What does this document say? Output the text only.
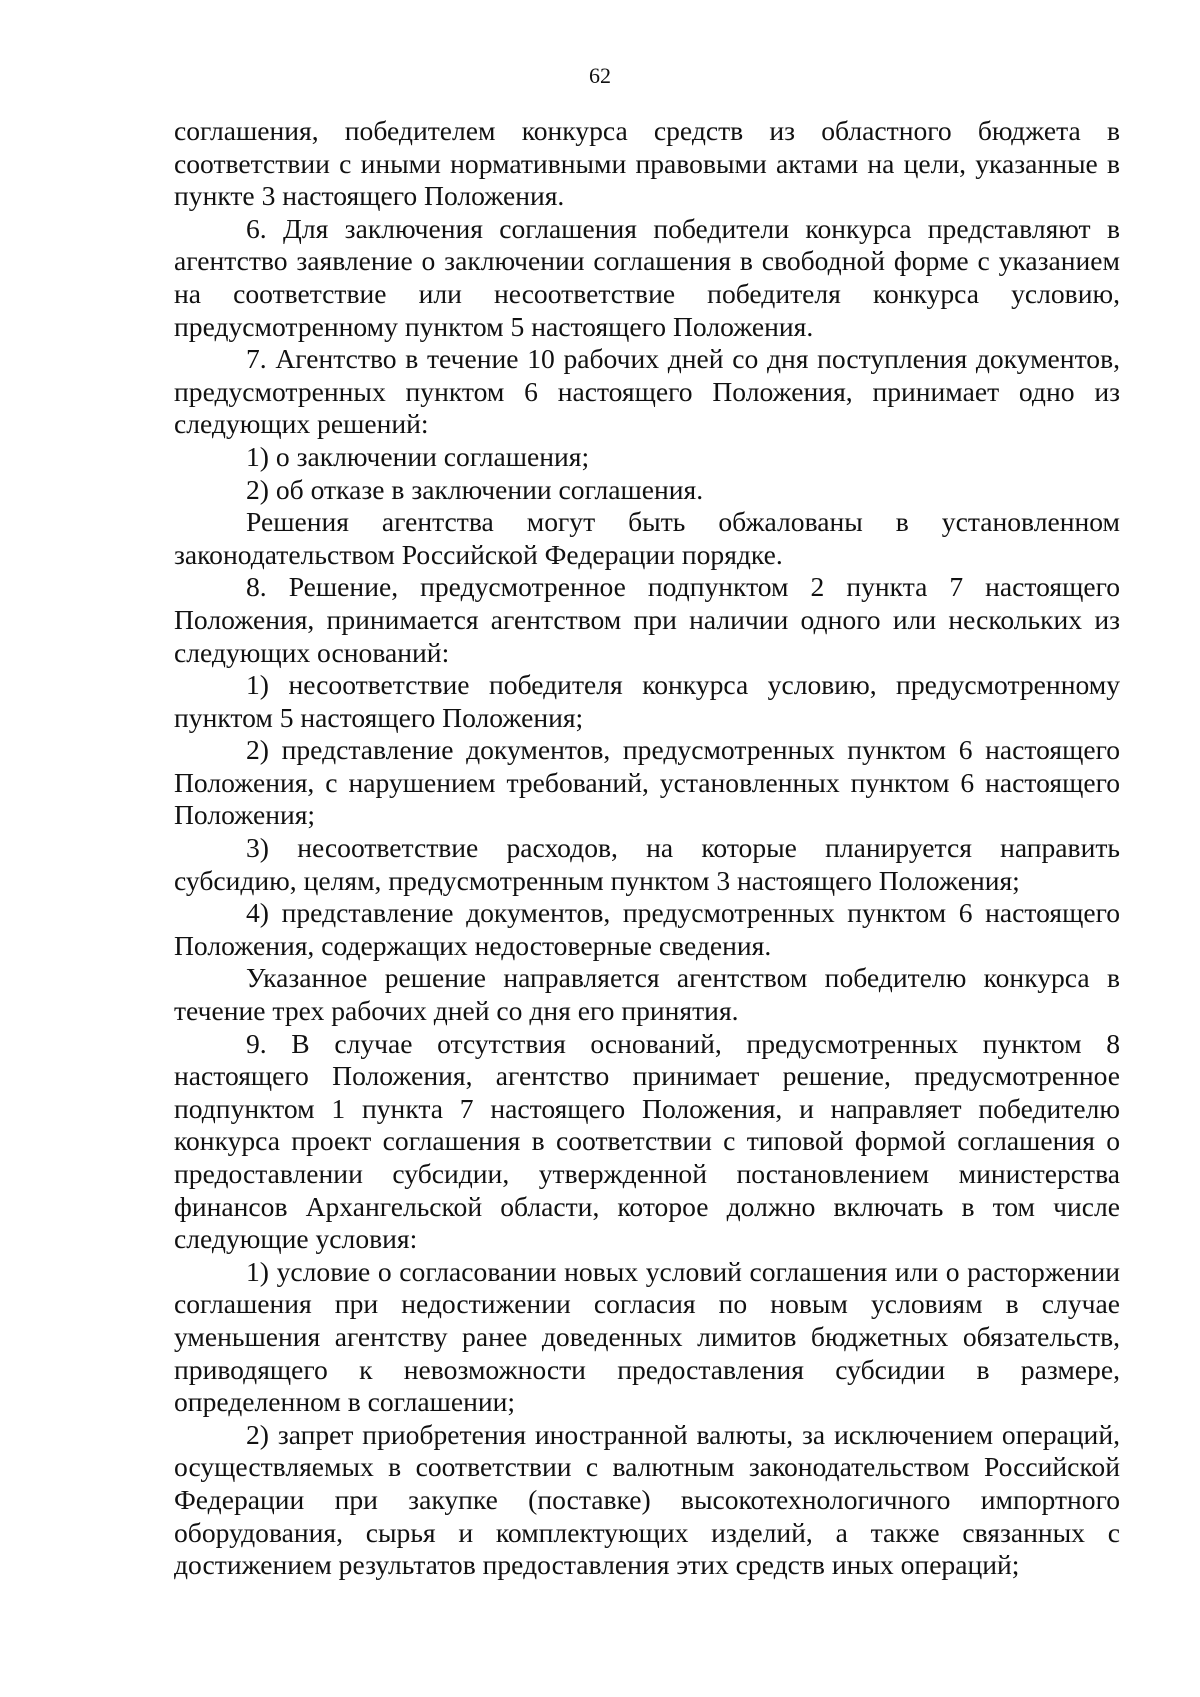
62

соглашения, победителем конкурса средств из областного бюджета в соответствии с иными нормативными правовыми актами на цели, указанные в пункте 3 настоящего Положения.

6. Для заключения соглашения победители конкурса представляют в агентство заявление о заключении соглашения в свободной форме с указанием на соответствие или несоответствие победителя конкурса условию, предусмотренному пунктом 5 настоящего Положения.

7. Агентство в течение 10 рабочих дней со дня поступления документов, предусмотренных пунктом 6 настоящего Положения, принимает одно из следующих решений:

1) о заключении соглашения;

2) об отказе в заключении соглашения.

Решения агентства могут быть обжалованы в установленном законодательством Российской Федерации порядке.

8. Решение, предусмотренное подпунктом 2 пункта 7 настоящего Положения, принимается агентством при наличии одного или нескольких из следующих оснований:

1) несоответствие победителя конкурса условию, предусмотренному пунктом 5 настоящего Положения;

2) представление документов, предусмотренных пунктом 6 настоящего Положения, с нарушением требований, установленных пунктом 6 настоящего Положения;

3) несоответствие расходов, на которые планируется направить субсидию, целям, предусмотренным пунктом 3 настоящего Положения;

4) представление документов, предусмотренных пунктом 6 настоящего Положения, содержащих недостоверные сведения.

Указанное решение направляется агентством победителю конкурса в течение трех рабочих дней со дня его принятия.

9. В случае отсутствия оснований, предусмотренных пунктом 8 настоящего Положения, агентство принимает решение, предусмотренное подпунктом 1 пункта 7 настоящего Положения, и направляет победителю конкурса проект соглашения в соответствии с типовой формой соглашения о предоставлении субсидии, утвержденной постановлением министерства финансов Архангельской области, которое должно включать в том числе следующие условия:

1) условие о согласовании новых условий соглашения или о расторжении соглашения при недостижении согласия по новым условиям в случае уменьшения агентству ранее доведенных лимитов бюджетных обязательств, приводящего к невозможности предоставления субсидии в размере, определенном в соглашении;

2) запрет приобретения иностранной валюты, за исключением операций, осуществляемых в соответствии с валютным законодательством Российской Федерации при закупке (поставке) высокотехнологичного импортного оборудования, сырья и комплектующих изделий, а также связанных с достижением результатов предоставления этих средств иных операций;
